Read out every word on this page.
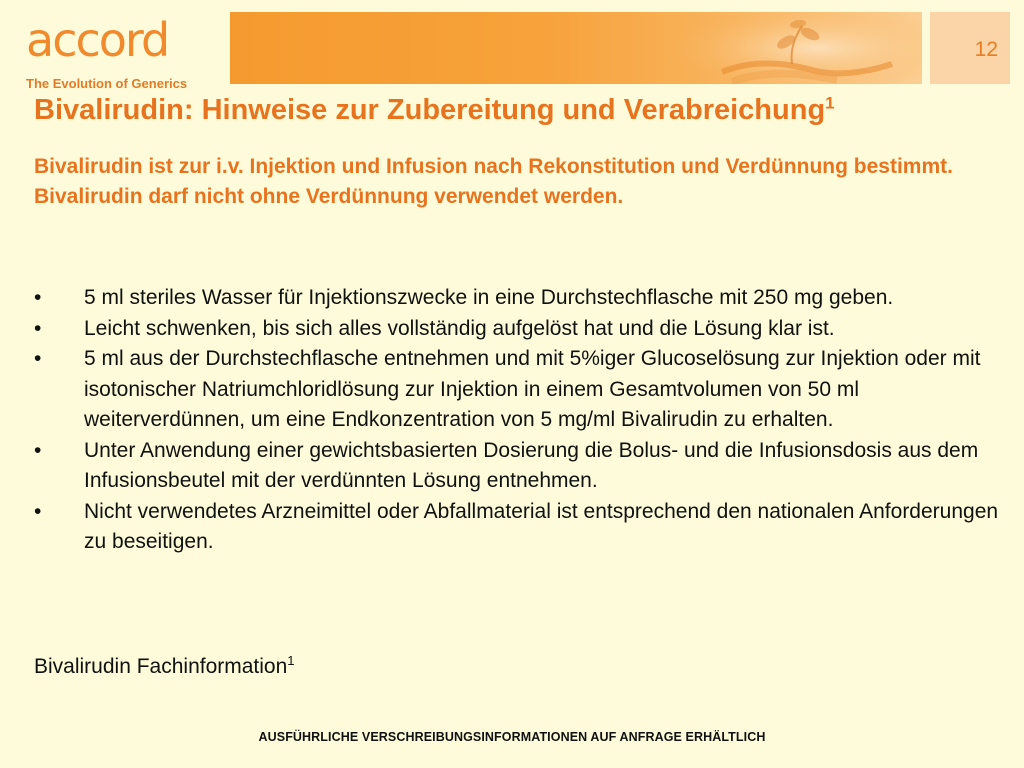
accord
The Evolution of Generics
12
Bivalirudin: Hinweise zur Zubereitung und Verabreichung$^1$
Bivalirudin ist zur i.v. Injektion und Infusion nach Rekonstitution und Verdünnung bestimmt. Bivalirudin darf nicht ohne Verdünnung verwendet werden.
•	5 ml steriles Wasser für Injektionszwecke in eine Durchstechflasche mit 250 mg geben.
•	Leicht schwenken, bis sich alles vollständig aufgelöst hat und die Lösung klar ist.
•	5 ml aus der Durchstechflasche entnehmen und mit 5%iger Glucoselösung zur Injektion oder mit isotonischer Natriumchloridlösung zur Injektion in einem Gesamtvolumen von 50 ml weiterverdünnen, um eine Endkonzentration von 5 mg/ml Bivalirudin zu erhalten.
•	Unter Anwendung einer gewichtsbasierten Dosierung die Bolus- und die Infusionsdosis aus dem Infusionsbeutel mit der verdünnten Lösung entnehmen.
•	Nicht verwendetes Arzneimittel oder Abfallmaterial ist entsprechend den nationalen Anforderungen zu beseitigen.
Bivalirudin Fachinformation$^1$
AUSFÜHRLICHE VERSCHREIBUNGSINFORMATIONEN AUF ANFRAGE ERHÄLTLICH
